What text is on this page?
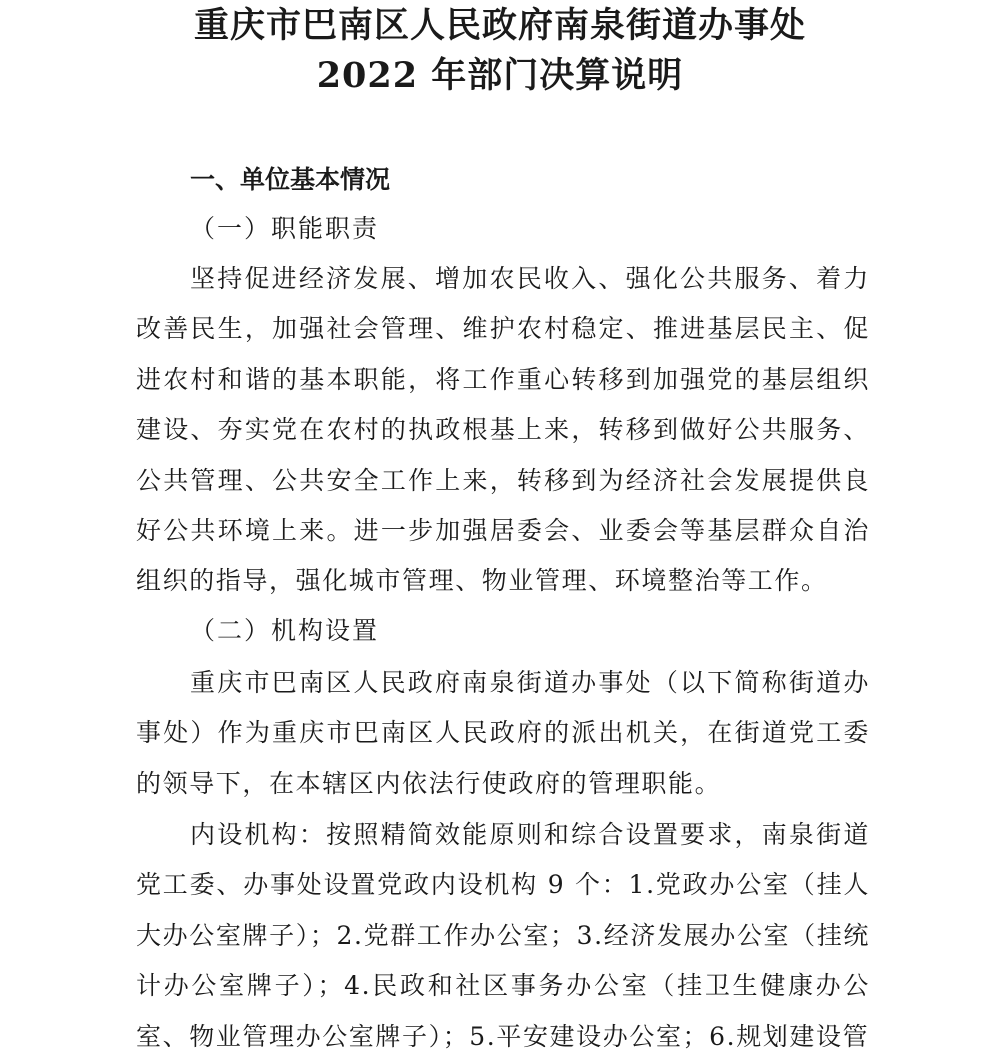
重庆市巴南区人民政府南泉街道办事处
2022 年部门决算说明
一、单位基本情况
（一）职能职责

坚持促进经济发展、增加农民收入、强化公共服务、着力改善民生，加强社会管理、维护农村稳定、推进基层民主、促进农村和谐的基本职能，将工作重心转移到加强党的基层组织建设、夯实党在农村的执政根基上来，转移到做好公共服务、公共管理、公共安全工作上来，转移到为经济社会发展提供良好公共环境上来。进一步加强居委会、业委会等基层群众自治组织的指导，强化城市管理、物业管理、环境整治等工作。

（二）机构设置

重庆市巴南区人民政府南泉街道办事处（以下简称街道办事处）作为重庆市巴南区人民政府的派出机关，在街道党工委的领导下，在本辖区内依法行使政府的管理职能。

内设机构：按照精简效能原则和综合设置要求，南泉街道党工委、办事处设置党政内设机构 9 个：1.党政办公室（挂人大办公室牌子）；2.党群工作办公室；3.经济发展办公室（挂统计办公室牌子）；4.民政和社区事务办公室（挂卫生健康办公室、物业管理办公室牌子）；5.平安建设办公室；6.规划建设管
